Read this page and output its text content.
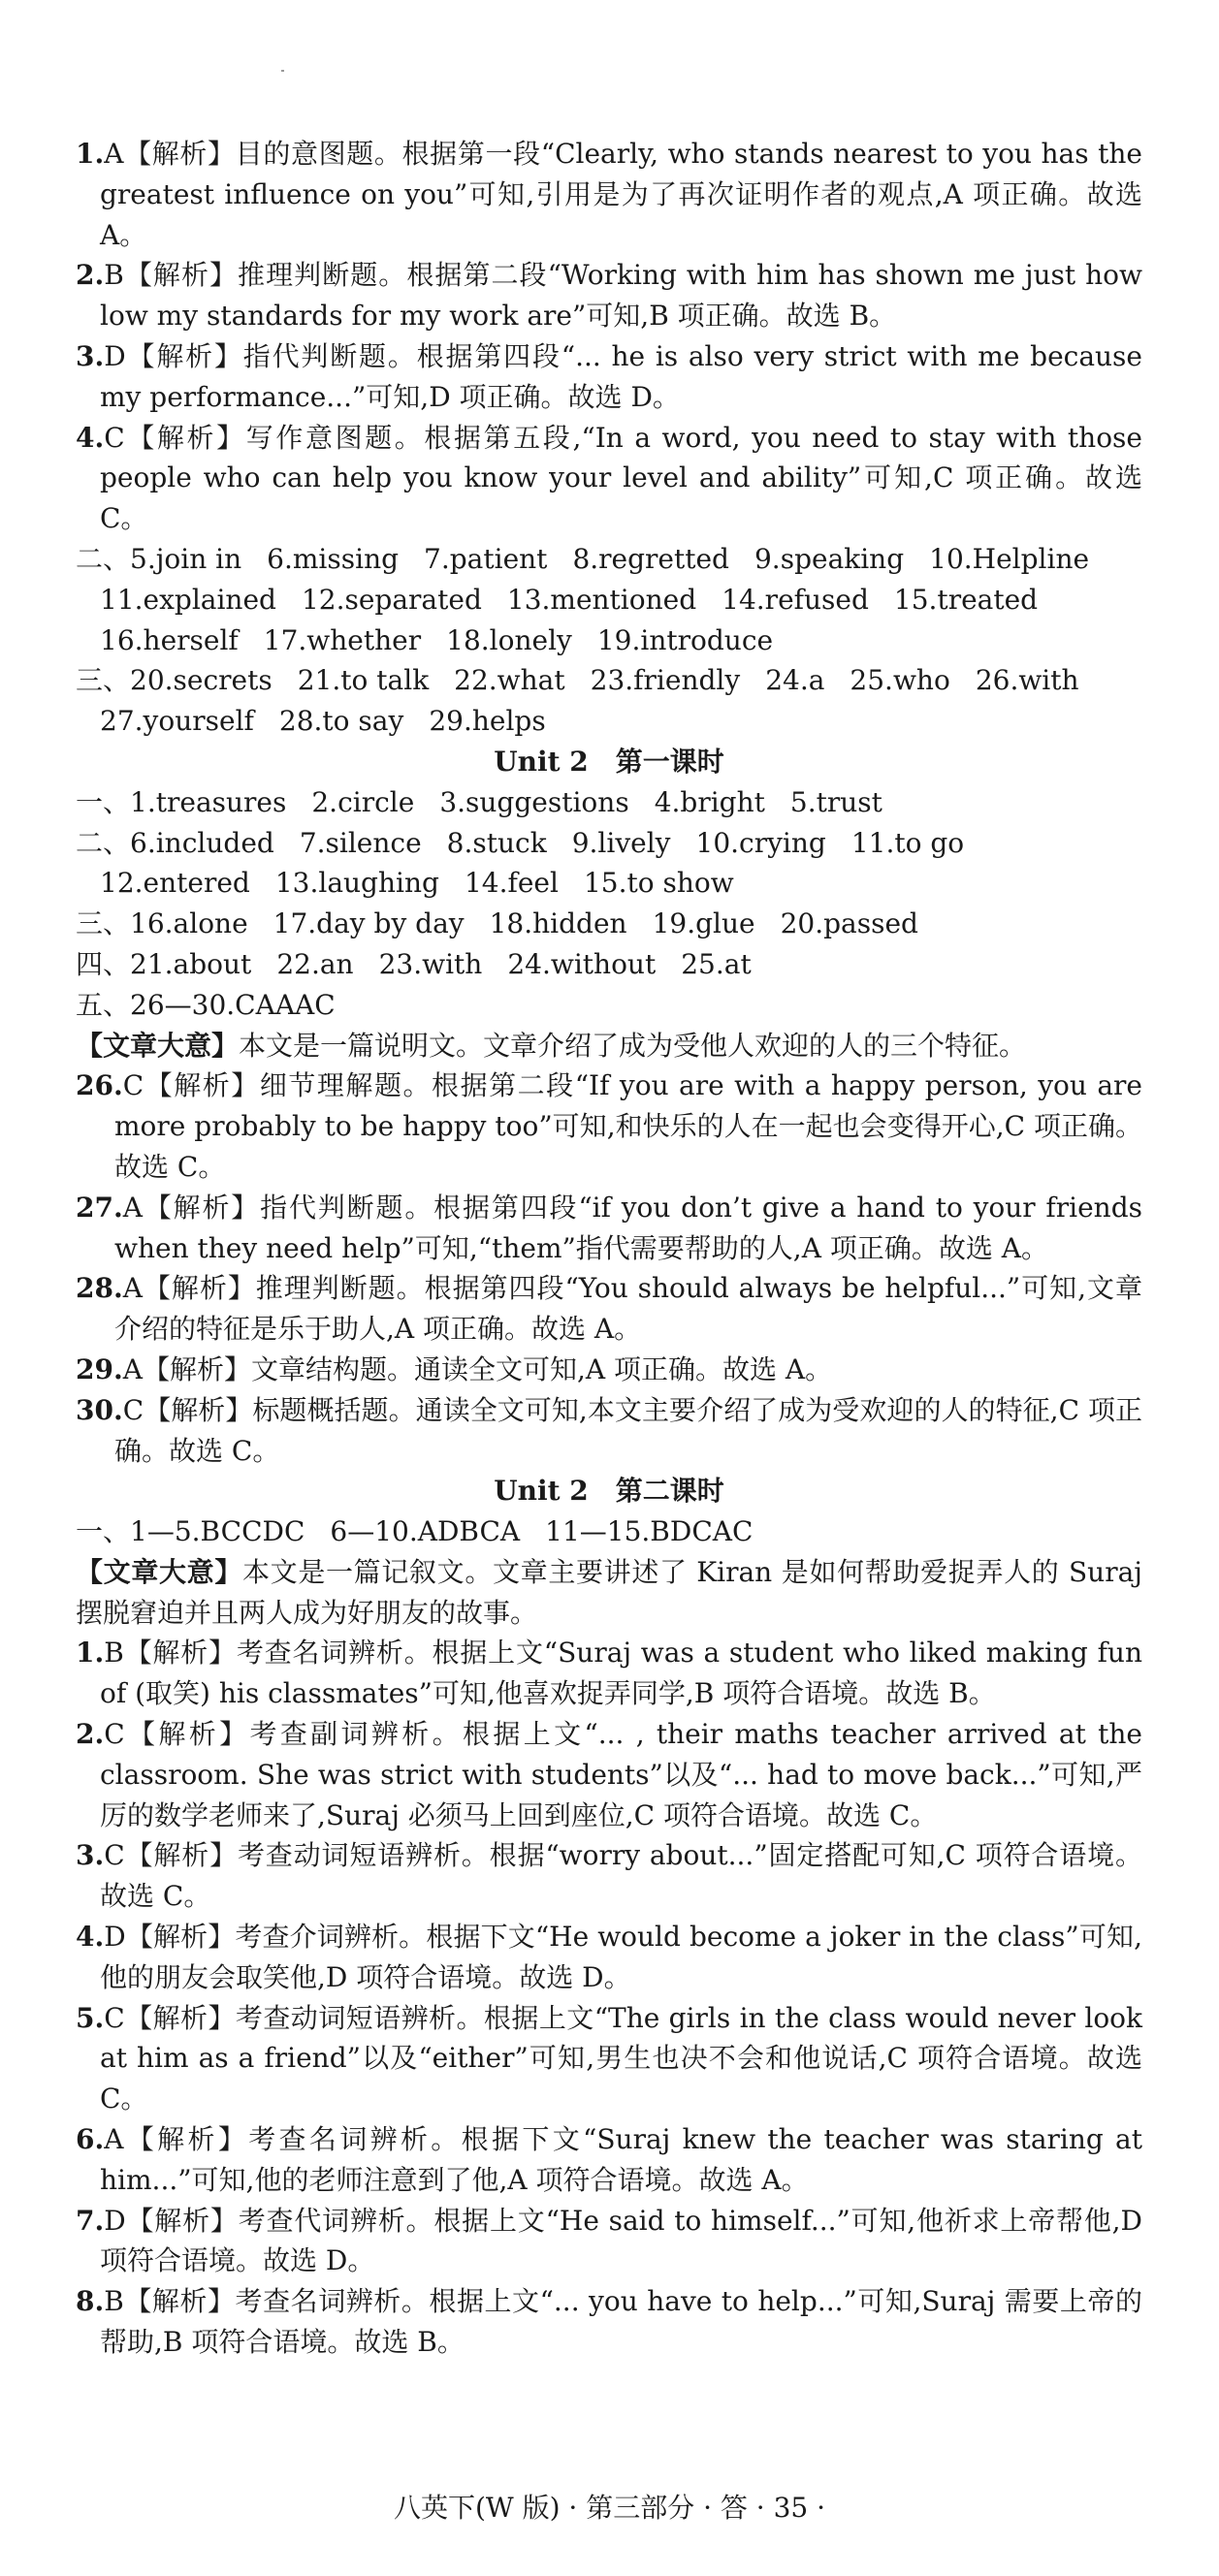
1.A【解析】目的意图题。根据第一段“Clearly, who stands nearest to you has the greatest influence on you”可知,引用是为了再次证明作者的观点,A 项正确。故选 A。

2.B【解析】推理判断题。根据第二段“Working with him has shown me just how low my standards for my work are”可知,B 项正确。故选 B。

3.D【解析】指代判断题。根据第四段“... he is also very strict with me because my performance...”可知,D 项正确。故选 D。

4.C【解析】写作意图题。根据第五段,“In a word, you need to stay with those people who can help you know your level and ability”可知,C 项正确。故选 C。

二、5.join in 6.missing 7.patient 8.regretted 9.speaking 10.Helpline
11.explained 12.separated 13.mentioned 14.refused 15.treated
16.herself 17.whether 18.lonely 19.introduce
三、20.secrets 21.to talk 22.what 23.friendly 24.a 25.who 26.with
27.yourself 28.to say 29.helps

Unit 2　第一课时

一、1.treasures 2.circle 3.suggestions 4.bright 5.trust
二、6.included 7.silence 8.stuck 9.lively 10.crying 11.to go
12.entered 13.laughing 14.feel 15.to show
三、16.alone 17.day by day 18.hidden 19.glue 20.passed
四、21.about 22.an 23.with 24.without 25.at
五、26—30.CAAAC

【文章大意】本文是一篇说明文。文章介绍了成为受他人欢迎的人的三个特征。

26.C【解析】细节理解题。根据第二段“If you are with a happy person, you are more probably to be happy too”可知,和快乐的人在一起也会变得开心,C 项正确。故选 C。

27.A【解析】指代判断题。根据第四段“if you don’t give a hand to your friends when they need help”可知,“them”指代需要帮助的人,A 项正确。故选 A。

28.A【解析】推理判断题。根据第四段“You should always be helpful...”可知,文章介绍的特征是乐于助人,A 项正确。故选 A。

29.A【解析】文章结构题。通读全文可知,A 项正确。故选 A。

30.C【解析】标题概括题。通读全文可知,本文主要介绍了成为受欢迎的人的特征,C 项正确。故选 C。

Unit 2　第二课时

一、1—5.BCCDC 6—10.ADBCA 11—15.BDCAC

【文章大意】本文是一篇记叙文。文章主要讲述了 Kiran 是如何帮助爱捉弄人的 Suraj 摆脱窘迫并且两人成为好朋友的故事。

1.B【解析】考查名词辨析。根据上文“Suraj was a student who liked making fun of (取笑) his classmates”可知,他喜欢捉弄同学,B 项符合语境。故选 B。

2.C【解析】考查副词辨析。根据上文“... , their maths teacher arrived at the classroom. She was strict with students”以及“... had to move back...”可知,严厉的数学老师来了,Suraj 必须马上回到座位,C 项符合语境。故选 C。

3.C【解析】考查动词短语辨析。根据“worry about...”固定搭配可知,C 项符合语境。故选 C。

4.D【解析】考查介词辨析。根据下文“He would become a joker in the class”可知,他的朋友会取笑他,D 项符合语境。故选 D。

5.C【解析】考查动词短语辨析。根据上文“The girls in the class would never look at him as a friend”以及“either”可知,男生也决不会和他说话,C 项符合语境。故选 C。

6.A【解析】考查名词辨析。根据下文“Suraj knew the teacher was staring at him...”可知,他的老师注意到了他,A 项符合语境。故选 A。

7.D【解析】考查代词辨析。根据上文“He said to himself...”可知,他祈求上帝帮他,D 项符合语境。故选 D。

8.B【解析】考查名词辨析。根据上文“... you have to help...”可知,Suraj 需要上帝的帮助,B 项符合语境。故选 B。

八英下(W 版) · 第三部分 · 答 · 35 ·
